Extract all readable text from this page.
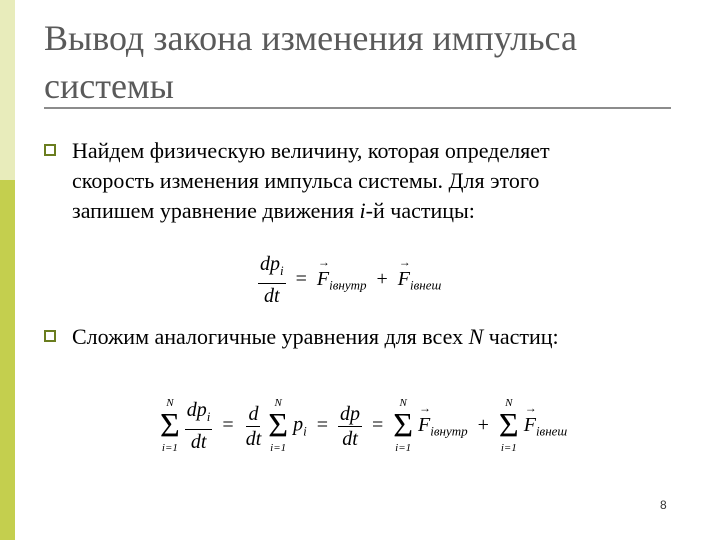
Вывод закона изменения импульса
системы
Найдем физическую величину, которая определяет
скорость изменения импульса системы. Для этого
запишем уравнение движения i-й частицы:
$\frac{dp_i}{dt}$ = → $F_{iвнутр}$ + → $F_{iвнеш}$
Сложим аналогичные уравнения для всех N частиц:
N
Σ
i=1
$\frac{dp_i}{dt} = \frac{d}{dt}$
N
Σ
i=1
$p_i = \frac{dp}{dt}$ =
N
Σ
i=1
→ $F_{iвнутр}$ +
N
Σ
i=1
→ $F_{iвнеш}$
8
